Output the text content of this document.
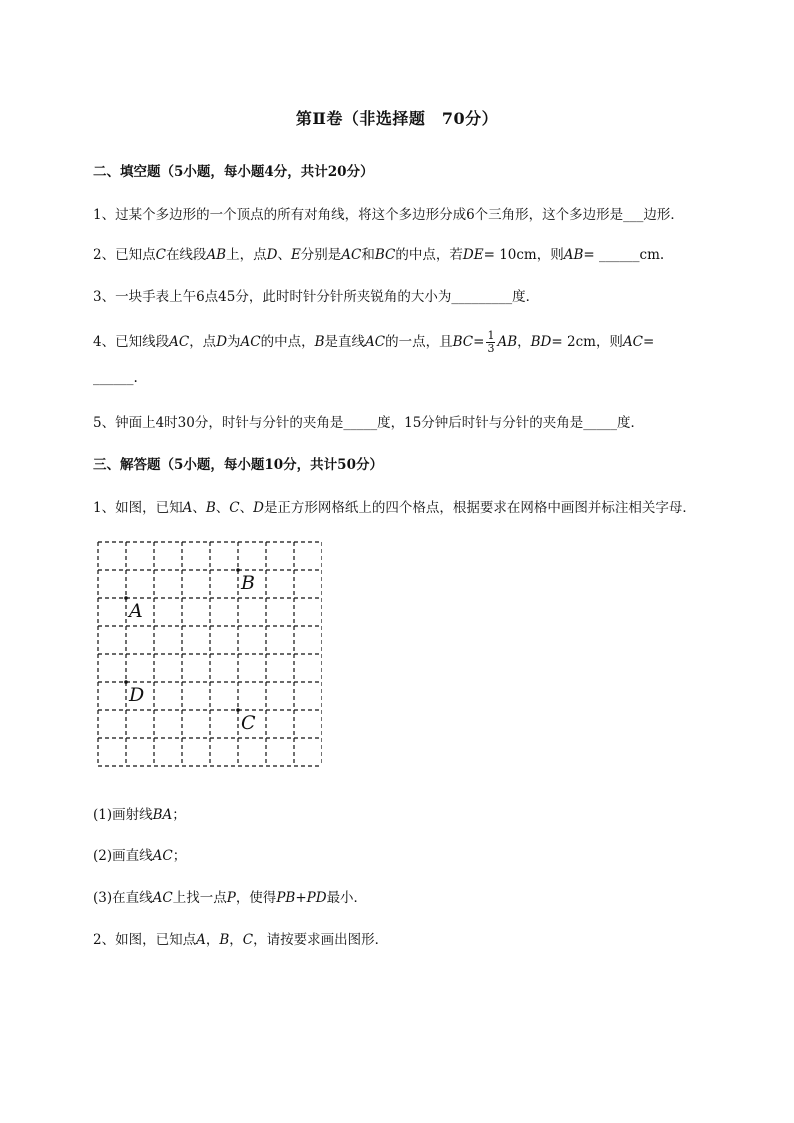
第Ⅱ卷（非选择题　70分）
二、填空题（5小题，每小题4分，共计20分）
1、过某个多边形的一个顶点的所有对角线，将这个多边形分成6个三角形，这个多边形是___边形．
2、已知点C在线段AB上，点D、E分别是AC和BC的中点，若DE= 10cm，则AB= ______cm.
3、一块手表上午6点45分，此时时针分针所夹锐角的大小为_________度．
4、已知线段AC，点D为AC的中点，B是直线AC的一点，且$BC= \frac{1}{3}$ AB，BD= 2cm，则AC=
______.
5、钟面上4时30分，时针与分针的夹角是_____度，15分钟后时针与分针的夹角是_____度．
三、解答题（5小题，每小题10分，共计50分）
1、如图，已知A、B、C、D是正方形网格纸上的四个格点，根据要求在网格中画图并标注相关字母．
B
A
D
C
(1)画射线BA；
(2)画直线AC；
(3)在直线AC上找一点P，使得PB+PD最小．
2、如图，已知点A，B，C，请按要求画出图形．
